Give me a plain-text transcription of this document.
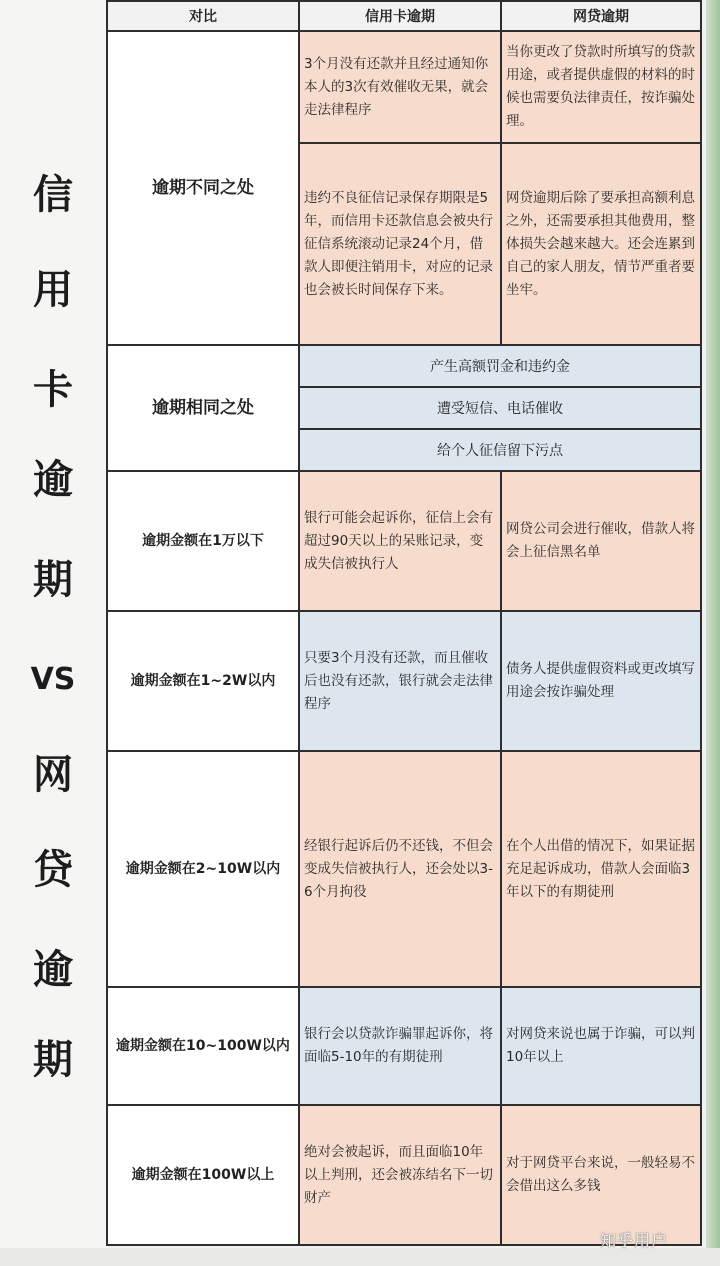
信
用
卡
逾
期
VS
网
贷
逾
期
对比	信用卡逾期	网贷逾期
逾期不同之处	3个月没有还款并且经过通知你本人的3次有效催收无果，就会走法律程序	当你更改了贷款时所填写的贷款用途，或者提供虚假的材料的时候也需要负法律责任，按诈骗处理。

	违约不良征信记录保存期限是5年，而信用卡还款信息会被央行征信系统滚动记录24个月，借款人即便注销用卡，对应的记录也会被长时间保存下来。	网贷逾期后除了要承担高额利息之外，还需要承担其他费用，整体损失会越来越大。还会连累到自己的家人朋友，情节严重者要坐牢。

逾期相同之处	产生高额罚金和违约金	
	遭受短信、电话催收	
	给个人征信留下污点	
逾期金额在1万以下	银行可能会起诉你，征信上会有超过90天以上的呆账记录，变成失信被执行人	网贷公司会进行催收，借款人将会上征信黑名单

逾期金额在1~2W以内	只要3个月没有还款，而且催收后也没有还款，银行就会走法律程序	债务人提供虚假资料或更改填写用途会按诈骗处理

逾期金额在2~10W以内	经银行起诉后仍不还钱，不但会变成失信被执行人，还会处以3-6个月拘役	在个人出借的情况下，如果证据充足起诉成功，借款人会面临3年以下的有期徒刑

逾期金额在10~100W以内	银行会以贷款诈骗罪起诉你，将面临5-10年的有期徒刑	对网贷来说也属于诈骗，可以判10年以上

逾期金额在100W以上	绝对会被起诉，而且面临10年以上判刑，还会被冻结名下一切财产	对于网贷平台来说，一般轻易不会借出这么多钱
知乎用户
